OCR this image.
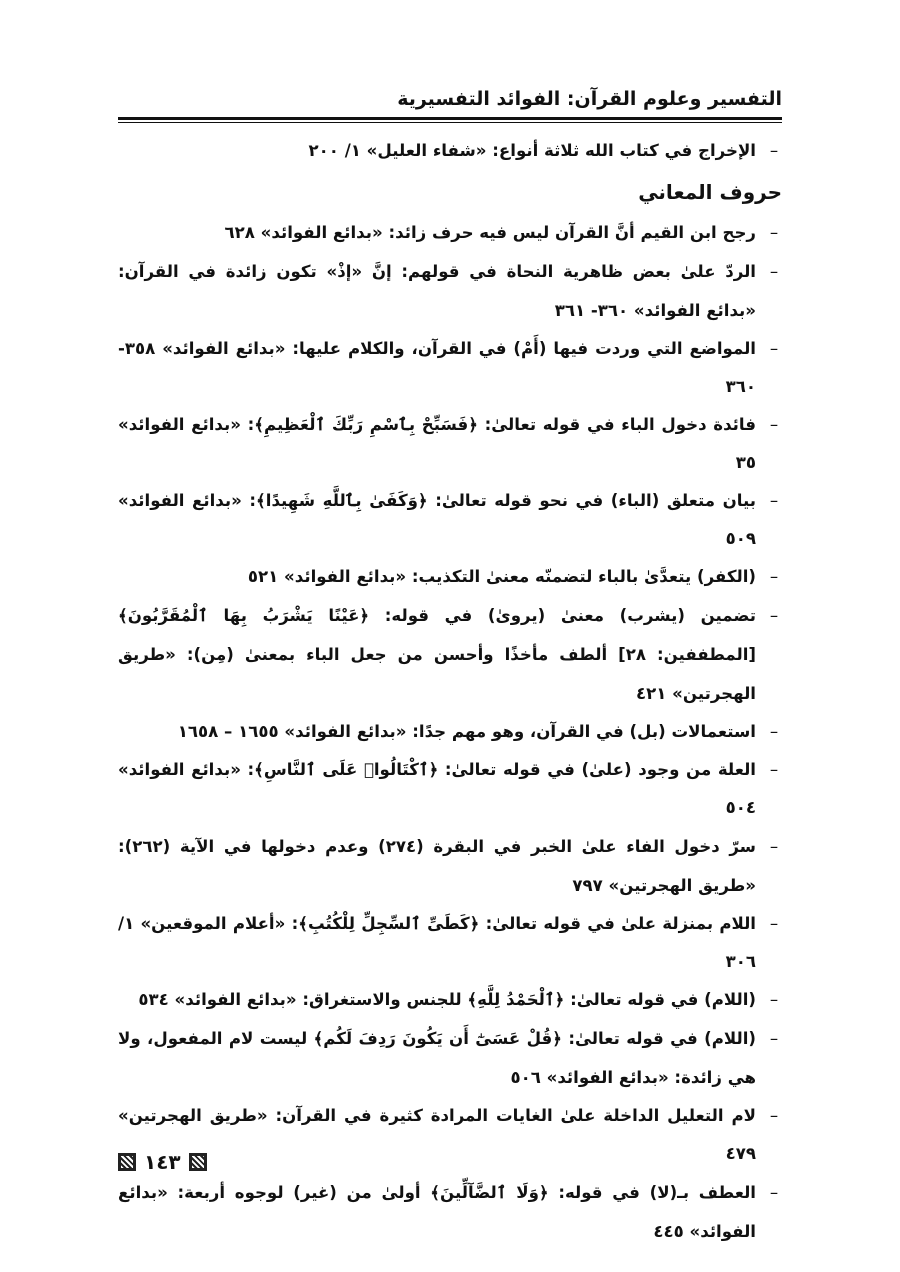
التفسير وعلوم القرآن: الفوائد التفسيرية
–
الإخراج في كتاب الله ثلاثة أنواع: «شفاء العليل» ١/ ٢٠٠
حروف المعاني
–
رجح ابن القيم أنَّ القرآن ليس فيه حرف زائد: «بدائع الفوائد» ٦٢٨
–
الردّ علىٰ بعض ظاهرية النحاة في قولهم: إنَّ «إذْ» تكون زائدة في القرآن: «بدائع الفوائد» ٣٦٠- ٣٦١
–
المواضع التي وردت فيها (أَمْ) في القرآن، والكلام عليها: «بدائع الفوائد» ٣٥٨- ٣٦٠
–
فائدة دخول الباء في قوله تعالىٰ: ﴿فَسَبِّحْ بِٱسْمِ رَبِّكَ ٱلْعَظِيمِ﴾: «بدائع الفوائد» ٣٥
–
بيان متعلق (الباء) في نحو قوله تعالىٰ: ﴿وَكَفَىٰ بِٱللَّهِ شَهِيدًا﴾: «بدائع الفوائد» ٥٠٩
–
(الكفر) يتعدَّىٰ بالباء لتضمنّه معنىٰ التكذيب: «بدائع الفوائد» ٥٢١
–
تضمين (يشرب) معنىٰ (يروىٰ) في قوله: ﴿عَيْنًا يَشْرَبُ بِهَا ٱلْمُقَرَّبُونَ﴾ [المطففين: ٢٨] ألطف مأخذًا وأحسن من جعل الباء بمعنىٰ (مِن): «طريق الهجرتين» ٤٢١
–
استعمالات (بل) في القرآن، وهو مهم جدًا: «بدائع الفوائد» ١٦٥٥ – ١٦٥٨
–
العلة من وجود (علىٰ) في قوله تعالىٰ: ﴿ٱكْتَالُوا۟ عَلَى ٱلنَّاسِ﴾: «بدائع الفوائد» ٥٠٤
–
سرّ دخول الفاء علىٰ الخبر في البقرة (٢٧٤) وعدم دخولها في الآية (٢٦٢): «طريق الهجرتين» ٧٩٧
–
اللام بمنزلة علىٰ في قوله تعالىٰ: ﴿كَطَىِّ ٱلسِّجِلِّ لِلْكُتُبِ﴾: «أعلام الموقعين» ١/ ٣٠٦
–
(اللام) في قوله تعالىٰ: ﴿ٱلْحَمْدُ لِلَّهِ﴾ للجنس والاستغراق: «بدائع الفوائد» ٥٣٤
–
(اللام) في قوله تعالىٰ: ﴿قُلْ عَسَىٰٓ أَن يَكُونَ رَدِفَ لَكُم﴾ ليست لام المفعول، ولا هي زائدة: «بدائع الفوائد» ٥٠٦
–
لام التعليل الداخلة علىٰ الغايات المرادة كثيرة في القرآن: «طريق الهجرتين» ٤٧٩
–
العطف بـ(لا) في قوله: ﴿وَلَا ٱلضَّآلِّينَ﴾ أولىٰ من (غير) لوجوه أربعة: «بدائع الفوائد» ٤٤٥
١٤٣
